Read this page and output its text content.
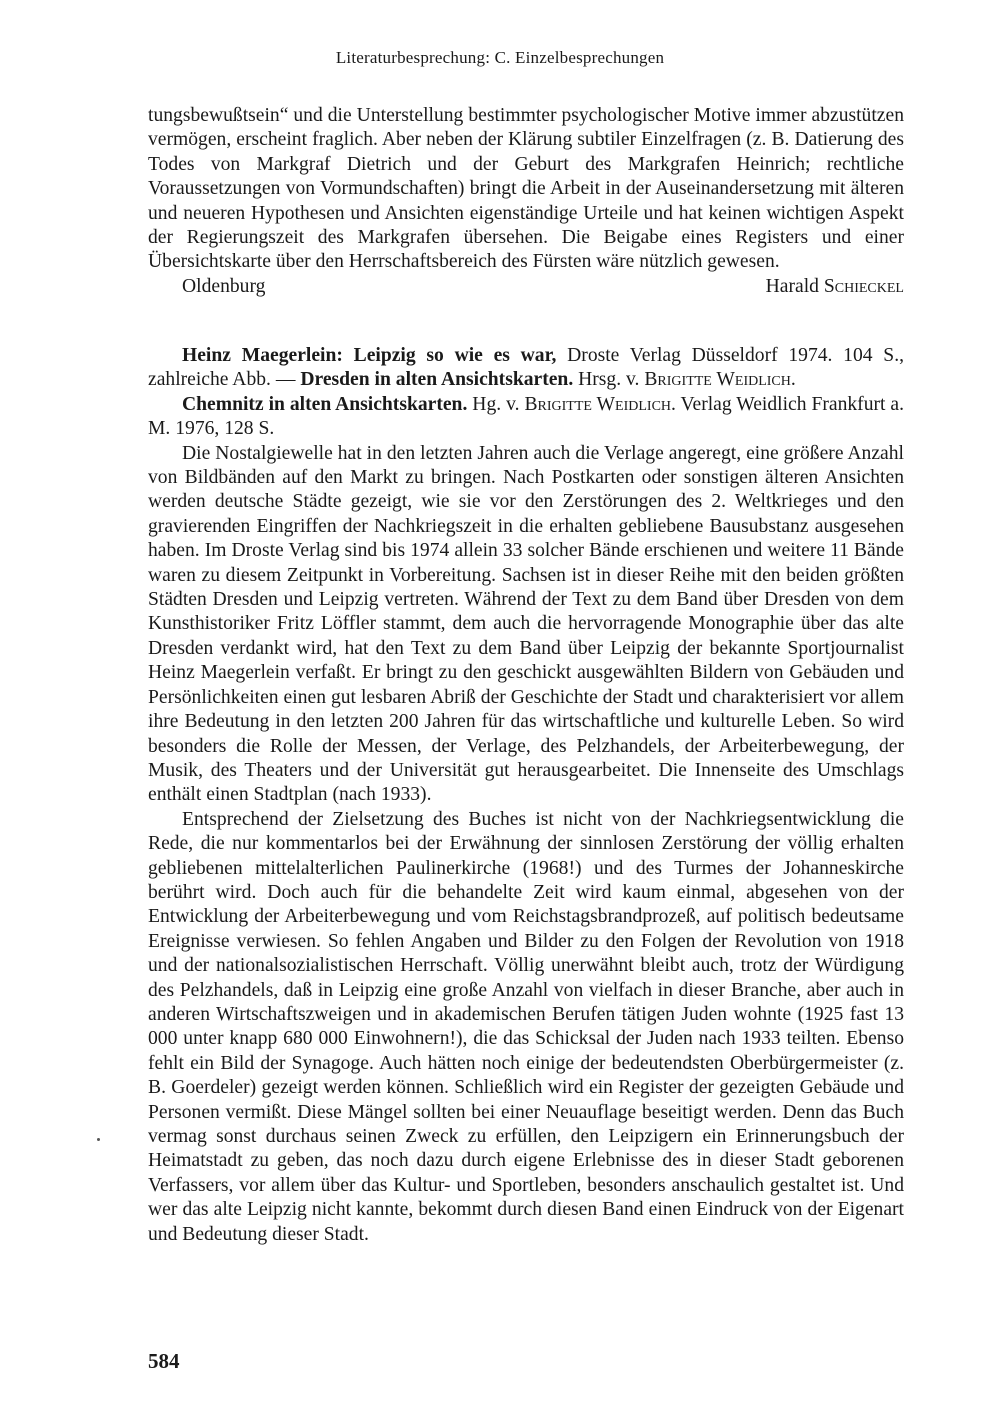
Literaturbesprechung: C. Einzelbesprechungen

tungsbewußtsein“ und die Unterstellung bestimmter psychologischer Motive immer abzustützen vermögen, erscheint fraglich. Aber neben der Klärung subtiler Einzelfragen (z. B. Datierung des Todes von Markgraf Dietrich und der Geburt des Markgrafen Heinrich; rechtliche Voraussetzungen von Vormundschaften) bringt die Arbeit in der Auseinandersetzung mit älteren und neueren Hypothesen und Ansichten eigenständige Urteile und hat keinen wichtigen Aspekt der Regierungszeit des Markgrafen übersehen. Die Beigabe eines Registers und einer Übersichtskarte über den Herrschaftsbereich des Fürsten wäre nützlich gewesen.

Oldenburg	Harald Schieckel

Heinz Maegerlein: Leipzig so wie es war, Droste Verlag Düsseldorf 1974. 104 S., zahlreiche Abb. — Dresden in alten Ansichtskarten. Hrsg. v. Brigitte Weidlich.

Chemnitz in alten Ansichtskarten. Hg. v. Brigitte Weidlich. Verlag Weidlich Frankfurt a. M. 1976, 128 S.

Die Nostalgiewelle hat in den letzten Jahren auch die Verlage angeregt, eine größere Anzahl von Bildbänden auf den Markt zu bringen. Nach Postkarten oder sonstigen älteren Ansichten werden deutsche Städte gezeigt, wie sie vor den Zerstörungen des 2. Weltkrieges und den gravierenden Eingriffen der Nachkriegszeit in die erhalten gebliebene Bausubstanz ausgesehen haben. Im Droste Verlag sind bis 1974 allein 33 solcher Bände erschienen und weitere 11 Bände waren zu diesem Zeitpunkt in Vorbereitung. Sachsen ist in dieser Reihe mit den beiden größten Städten Dresden und Leipzig vertreten. Während der Text zu dem Band über Dresden von dem Kunsthistoriker Fritz Löffler stammt, dem auch die hervorragende Monographie über das alte Dresden verdankt wird, hat den Text zu dem Band über Leipzig der bekannte Sportjournalist Heinz Maegerlein verfaßt. Er bringt zu den geschickt ausgewählten Bildern von Gebäuden und Persönlichkeiten einen gut lesbaren Abriß der Geschichte der Stadt und charakterisiert vor allem ihre Bedeutung in den letzten 200 Jahren für das wirtschaftliche und kulturelle Leben. So wird besonders die Rolle der Messen, der Verlage, des Pelzhandels, der Arbeiterbewegung, der Musik, des Theaters und der Universität gut herausgearbeitet. Die Innenseite des Umschlags enthält einen Stadtplan (nach 1933).

Entsprechend der Zielsetzung des Buches ist nicht von der Nachkriegsentwicklung die Rede, die nur kommentarlos bei der Erwähnung der sinnlosen Zerstörung der völlig erhalten gebliebenen mittelalterlichen Paulinerkirche (1968!) und des Turmes der Johanneskirche berührt wird. Doch auch für die behandelte Zeit wird kaum einmal, abgesehen von der Entwicklung der Arbeiterbewegung und vom Reichstagsbrandprozeß, auf politisch bedeutsame Ereignisse verwiesen. So fehlen Angaben und Bilder zu den Folgen der Revolution von 1918 und der nationalsozialistischen Herrschaft. Völlig unerwähnt bleibt auch, trotz der Würdigung des Pelzhandels, daß in Leipzig eine große Anzahl von vielfach in dieser Branche, aber auch in anderen Wirtschaftszweigen und in akademischen Berufen tätigen Juden wohnte (1925 fast 13 000 unter knapp 680 000 Einwohnern!), die das Schicksal der Juden nach 1933 teilten. Ebenso fehlt ein Bild der Synagoge. Auch hätten noch einige der bedeutendsten Oberbürgermeister (z. B. Goerdeler) gezeigt werden können. Schließlich wird ein Register der gezeigten Gebäude und Personen vermißt. Diese Mängel sollten bei einer Neuauflage beseitigt werden. Denn das Buch vermag sonst durchaus seinen Zweck zu erfüllen, den Leipzigern ein Erinnerungsbuch der Heimatstadt zu geben, das noch dazu durch eigene Erlebnisse des in dieser Stadt geborenen Verfassers, vor allem über das Kultur- und Sportleben, besonders anschaulich gestaltet ist. Und wer das alte Leipzig nicht kannte, bekommt durch diesen Band einen Eindruck von der Eigenart und Bedeutung dieser Stadt.

584
